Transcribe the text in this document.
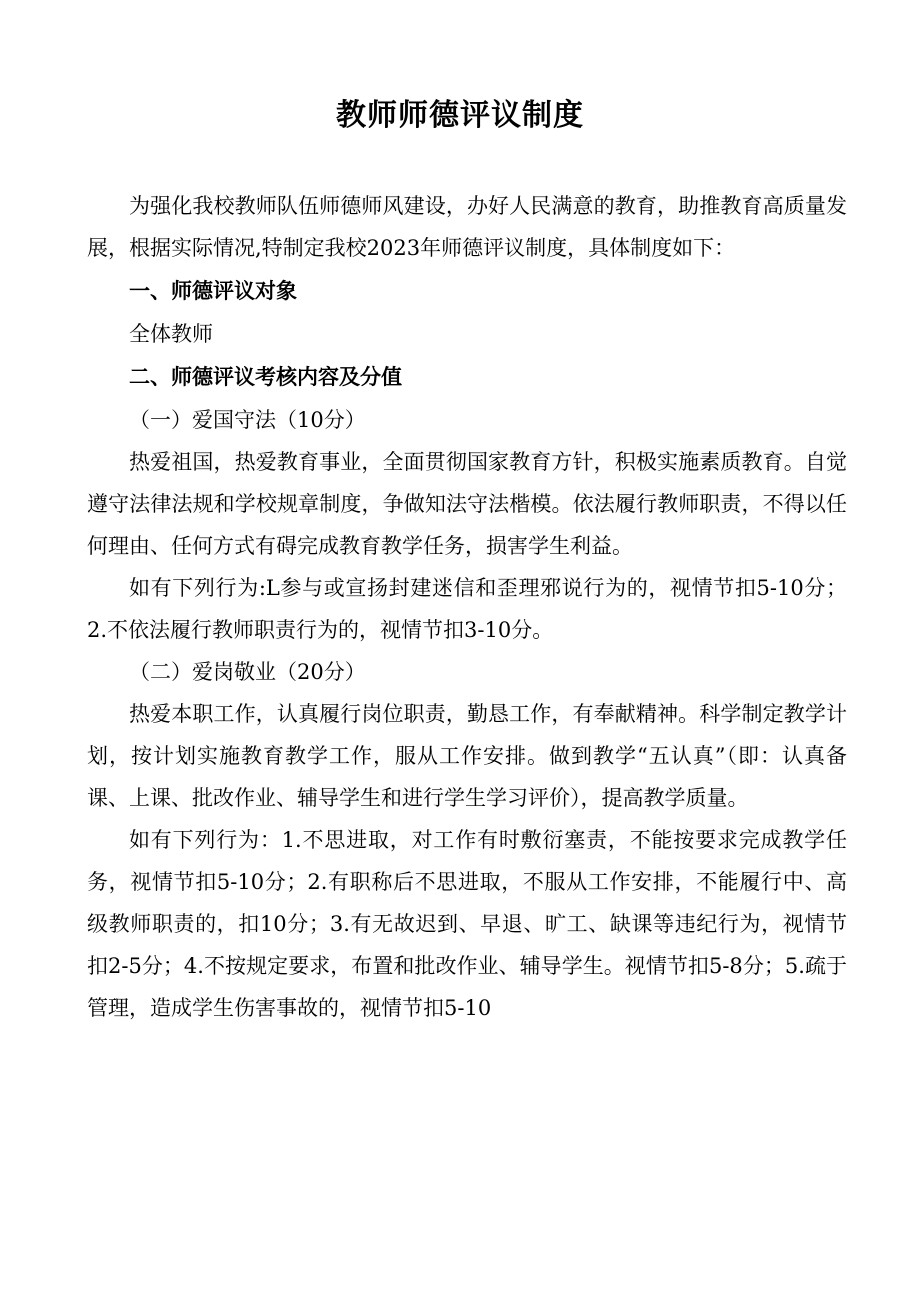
教师师德评议制度

为强化我校教师队伍师德师风建设，办好人民满意的教育，助推教育高质量发展，根据实际情况,特制定我校2023年师德评议制度，具体制度如下：

一、师德评议对象

全体教师

二、师德评议考核内容及分值

（一）爱国守法（10分）

热爱祖国，热爱教育事业，全面贯彻国家教育方针，积极实施素质教育。自觉遵守法律法规和学校规章制度，争做知法守法楷模。依法履行教师职责，不得以任何理由、任何方式有碍完成教育教学任务，损害学生利益。

如有下列行为:L参与或宣扬封建迷信和歪理邪说行为的，视情节扣5-10分；2.不依法履行教师职责行为的，视情节扣3-10分。

（二）爱岗敬业（20分）

热爱本职工作，认真履行岗位职责，勤恳工作，有奉献精神。科学制定教学计划，按计划实施教育教学工作，服从工作安排。做到教学“五认真”（即：认真备课、上课、批改作业、辅导学生和进行学生学习评价），提高教学质量。

如有下列行为：1.不思进取，对工作有时敷衍塞责，不能按要求完成教学任务，视情节扣5-10分；2.有职称后不思进取，不服从工作安排，不能履行中、高级教师职责的，扣10分；3.有无故迟到、早退、旷工、缺课等违纪行为，视情节扣2-5分；4.不按规定要求，布置和批改作业、辅导学生。视情节扣5-8分；5.疏于管理，造成学生伤害事故的，视情节扣5-10
